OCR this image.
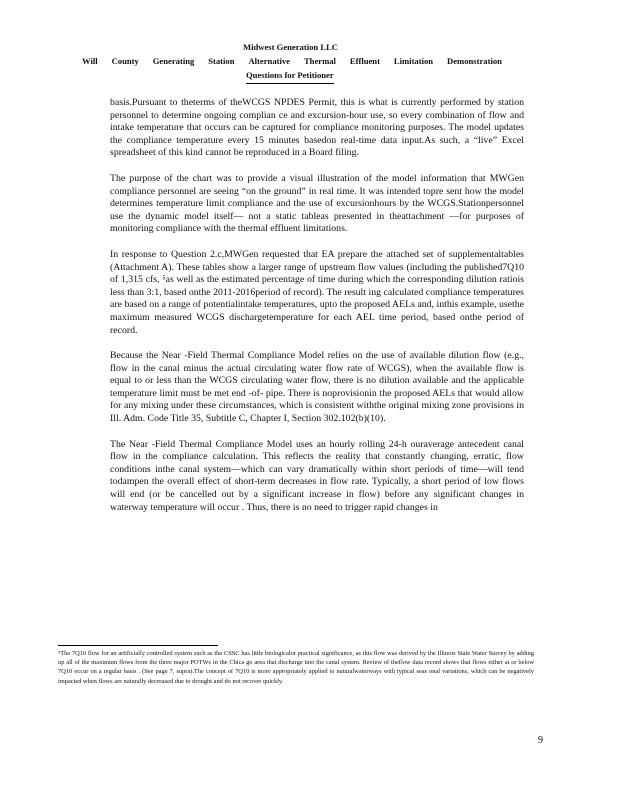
Midwest Generation LLC
Will County Generating Station Alternative Thermal Effluent Limitation Demonstration
Questions for Petitioner

basis.Pursuant to theterms of theWCGS NPDES Permit, this is what is currently performed by station personnel to determine ongoing complian ce and excursion-hour use, so every combination of flow and intake temperature that occurs can be captured for compliance monitoring purposes. The model updates the compliance temperature every 15 minutes basedon real-time data input.As such, a “live” Excel spreadsheet of this kind cannot be reproduced in a Board filing.

The purpose of the chart was to provide a visual illustration of the model information that MWGen compliance personnel are seeing “on the ground” in real time. It was intended topre sent how the model determines temperature limit compliance and the use of excursionhours by the WCGS.Stationpersonnel use the dynamic model itself— not a static tableas presented in theattachment —for purposes of monitoring compliance with the thermal effluent limitations.

In response to Question 2.c,MWGen requested that EA prepare the attached set of supplementaltables (Attachment A). These tables show a larger range of upstream flow values (including the published7Q10 of 1,315 cfs, ⁵as well as the estimated percentage of time during which the corresponding dilution ratiois less than 3:1, based onthe 2011-2016period of record). The result ing calculated compliance temperatures are based on a range of potentialintake temperatures, upto the proposed AELs and, inthis example, usethe maximum measured WCGS dischargetemperature for each AEL time period, based onthe period of record.

Because the Near -Field Thermal Compliance Model relies on the use of available dilution flow (e.g., flow in the canal minus the actual circulating water flow rate of WCGS), when the available flow is equal to or less than the WCGS circulating water flow, there is no dilution available and the applicable temperature limit must be met end -of- pipe. There is noprovisionin the proposed AELs that would allow for any mixing under these circumstances, which is consistent withthe original mixing zone provisions in Ill. Adm. Code Title 35, Subtitle C, Chapter I, Section 302.102(b)(10).

The Near -Field Thermal Compliance Model uses an hourly rolling 24-h ouraverage antecedent canal flow in the compliance calculation. This reflects the reality that constantly changing, erratic, flow conditions inthe canal system—which can vary dramatically within short periods of time—will tend todampen the overall effect of short-term decreases in flow rate. Typically, a short period of low flows will end (or be cancelled out by a significant increase in flow) before any significant changes in waterway temperature will occur . Thus, there is no need to trigger rapid changes in

⁵The 7Q10 flow for an artificially controlled system such as the CSSC has little biologicalor practical significance, as this flow was derived by the Illinois State Water Survey by adding up all of the maximum flows from the three major POTWs in the Chica go area that discharge into the canal system. Review of theflow data record shows that flows either at or below 7Q10 occur on a regular basis . (See page 7, supra).The concept of 7Q10 is more appropriately applied to naturalwaterways with typical seas onal variations, which can be negatively impacted when flows are naturally decreased due to drought and do not recover quickly.
9
